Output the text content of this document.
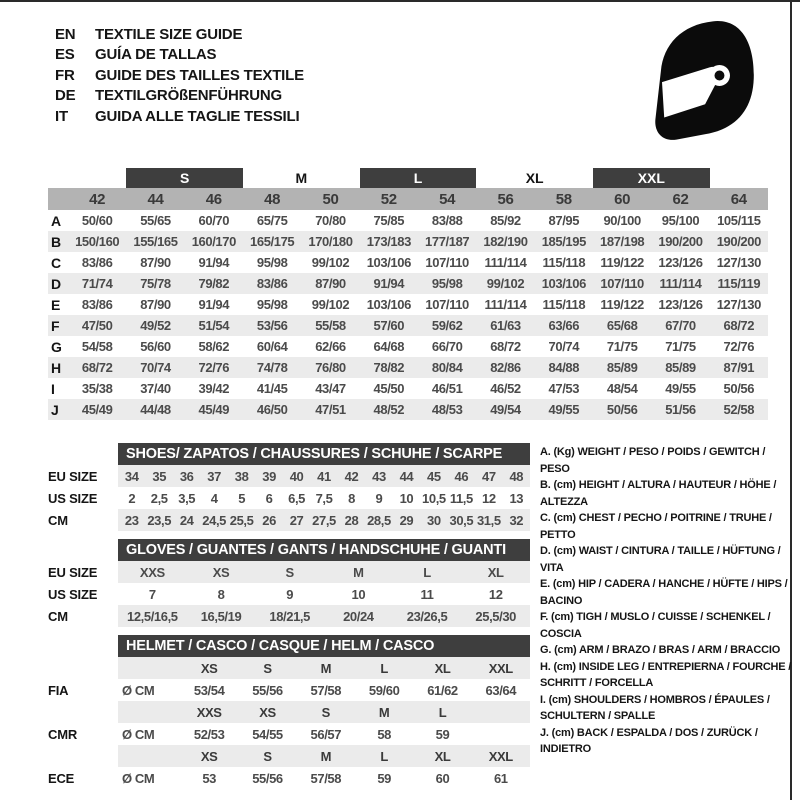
EN	TEXTILE SIZE GUIDE
ES	GUÍA DE TALLAS
FR	GUIDE DES TAILLES TEXTILE
DE	TEXTILGRÖßENFÜHRUNG
IT	GUIDA ALLE TAGLIE TESSILI
S	M	L	XL	XXL
42	44	46	48	50	52	54	56	58	60	62	64
A	50/60	55/65	60/70	65/75	70/80	75/85	83/88	85/92	87/95	90/100	95/100	105/115
B	150/160	155/165	160/170	165/175	170/180	173/183	177/187	182/190	185/195	187/198	190/200	190/200
C	83/86	87/90	91/94	95/98	99/102	103/106	107/110	111/114	115/118	119/122	123/126	127/130
D	71/74	75/78	79/82	83/86	87/90	91/94	95/98	99/102	103/106	107/110	111/114	115/119
E	83/86	87/90	91/94	95/98	99/102	103/106	107/110	111/114	115/118	119/122	123/126	127/130
F	47/50	49/52	51/54	53/56	55/58	57/60	59/62	61/63	63/66	65/68	67/70	68/72
G	54/58	56/60	58/62	60/64	62/66	64/68	66/70	68/72	70/74	71/75	71/75	72/76
H	68/72	70/74	72/76	74/78	76/80	78/82	80/84	82/86	84/88	85/89	85/89	87/91
I	35/38	37/40	39/42	41/45	43/47	45/50	46/51	46/52	47/53	48/54	49/55	50/56
J	45/49	44/48	45/49	46/50	47/51	48/52	48/53	49/54	49/55	50/56	51/56	52/58
SHOES/ ZAPATOS / CHAUSSURES / SCHUHE / SCARPE
EU SIZE	34	35	36	37	38	39	40	41	42	43	44	45	46	47	48
US SIZE	2	2,5 3,5	4	5	6	6,5 7,5	8	9	10 10,5 11,5 12	13
CM	23 23,5 24 24,5 25,5 26	27 27,5 28 28,5 29	30 30,5 31,5 32
GLOVES / GUANTES / GANTS / HANDSCHUHE / GUANTI
EU SIZE	XXS	XS	S	M	L	XL
US SIZE	7	8	9	10	11	12
CM	12,5/16,5	16,5/19	18/21,5	20/24	23/26,5	25,5/30
HELMET / CASCO / CASQUE / HELM / CASCO
XS	S	M	L	XL	XXL
FIA	Ø CM	53/54	55/56	57/58	59/60	61/62	63/64
XXS	XS	S	M	L
CMR	Ø CM	52/53	54/55	56/57	58	59
XS	S	M	L	XL	XXL
ECE	Ø CM	53	55/56	57/58	59	60	61
A. (Kg) WEIGHT / PESO / POIDS / GEWITCH / PESO
B. (cm) HEIGHT / ALTURA / HAUTEUR / HÖHE / ALTEZZA
C. (cm) CHEST / PECHO / POITRINE / TRUHE / PETTO
D. (cm) WAIST / CINTURA / TAILLE / HÜFTUNG / VITA
E. (cm) HIP / CADERA / HANCHE / HÜFTE / HIPS / BACINO
F. (cm) TIGH / MUSLO / CUISSE / SCHENKEL / COSCIA
G. (cm) ARM / BRAZO / BRAS / ARM / BRACCIO
H. (cm) INSIDE LEG / ENTREPIERNA / FOURCHE / SCHRITT / FORCELLA
I. (cm) SHOULDERS / HOMBROS / ÉPAULES / SCHULTERN / SPALLE
J. (cm) BACK / ESPALDA / DOS / ZURÜCK / INDIETRO
